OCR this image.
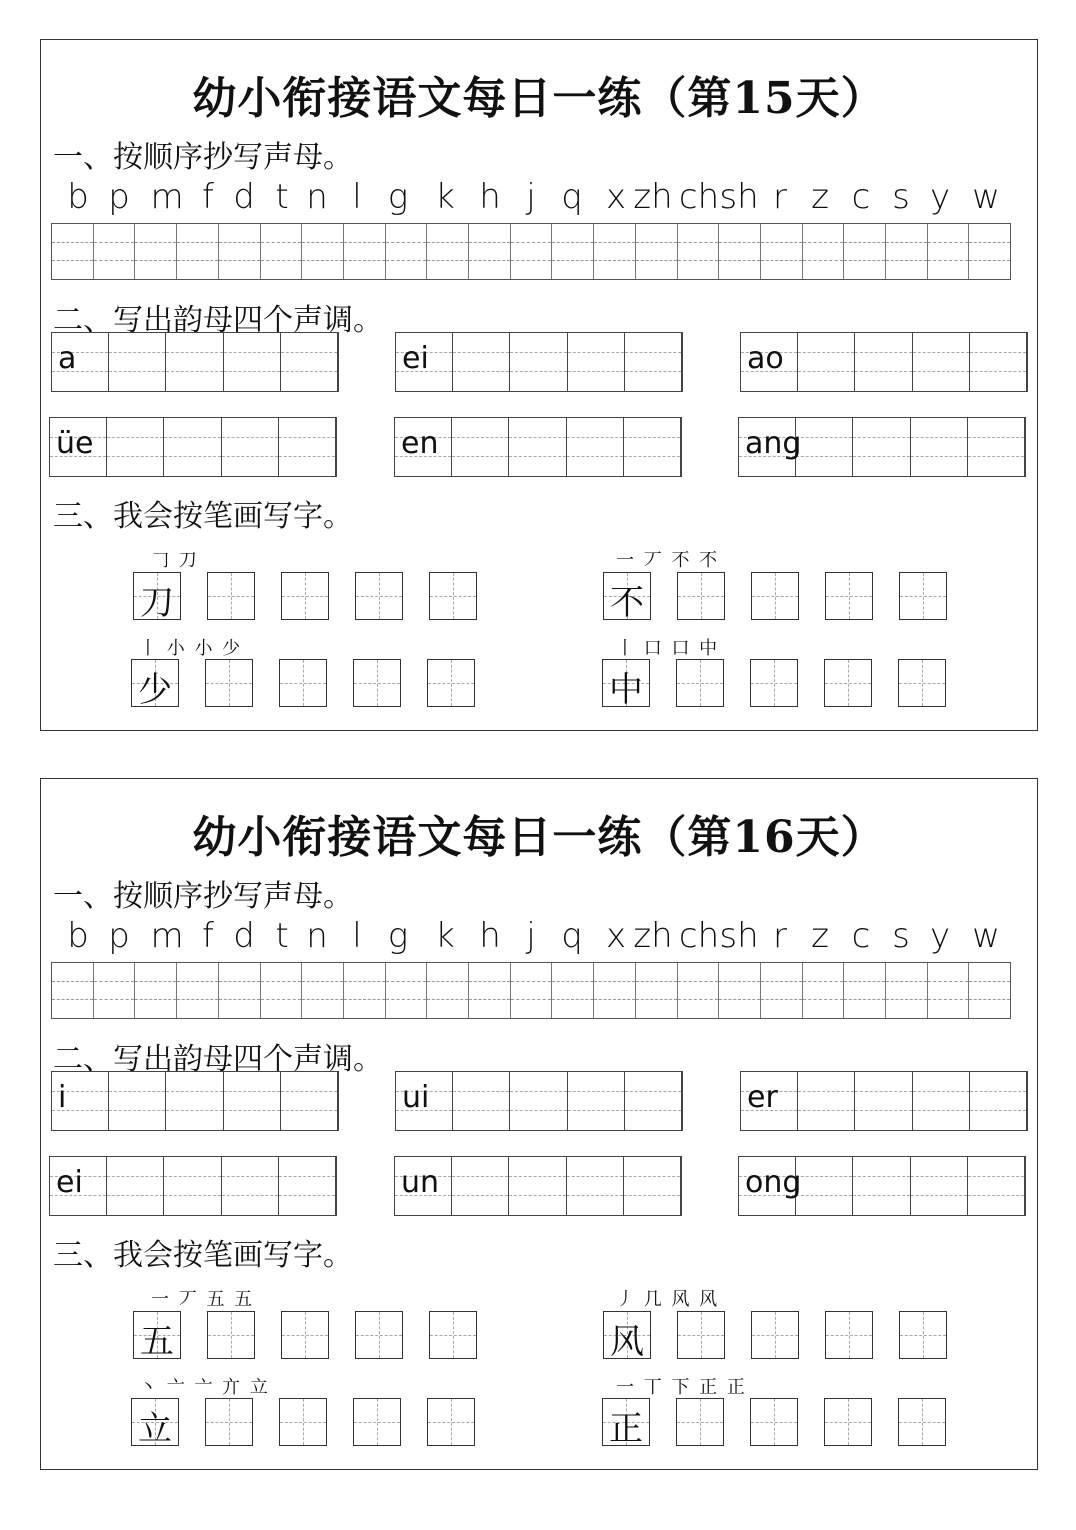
幼小衔接语文每日一练（第15天）
一、按顺序抄写声母。
b p m f d t n l g k h j q x zh ch sh r z c s y w
二、写出韵母四个声调。
a	ei	ao
üe	en	ang
三、我会按笔画写字。
𠃌 刀
刀
一 丆 不 不
不
丨 小 小 少
少
丨 口 口 中
中
幼小衔接语文每日一练（第16天）
一、按顺序抄写声母。
b p m f d t n l g k h j q x zh ch sh r z c s y w
二、写出韵母四个声调。
i	ui	er
ei	un	ong
三、我会按笔画写字。
一 丆 五 五
五
丿 几 风 风
风
丶 亠 亠 亣 立
立
一 丅 下 正 正
正
